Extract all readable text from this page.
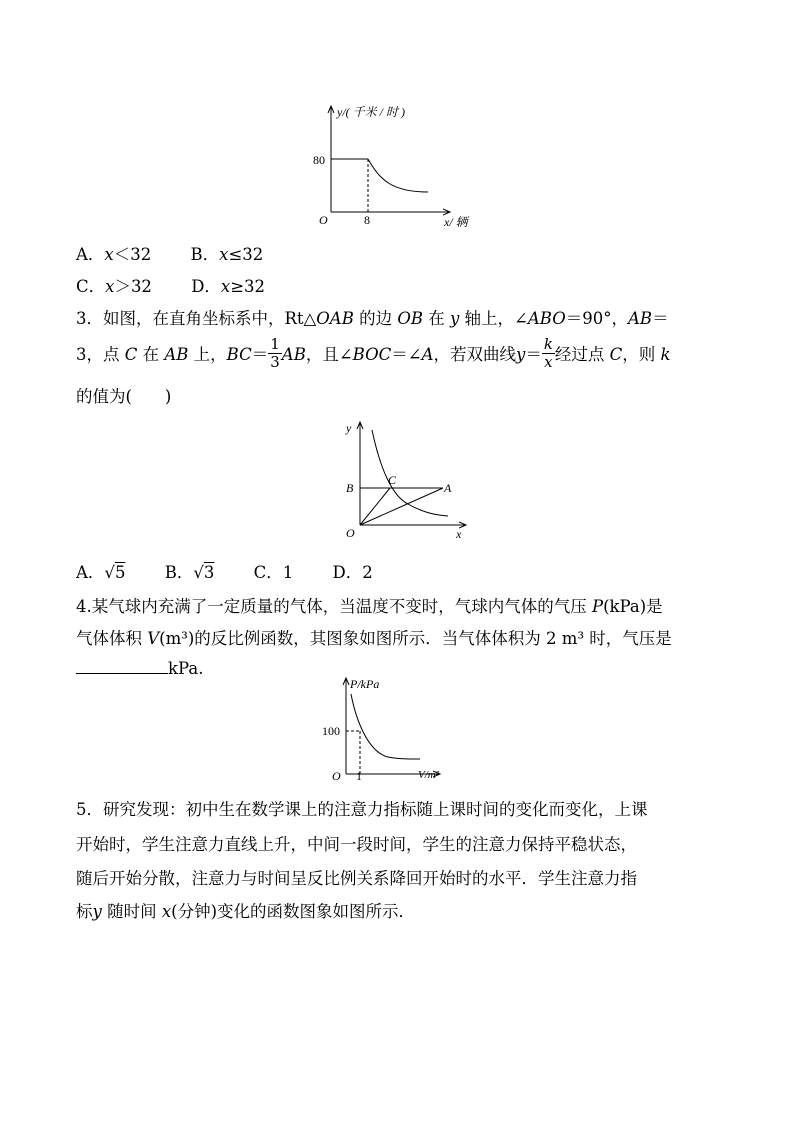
y/( 千米 / 时 )
x/ 辆
O
80
8
A．x＜32 B．x≤32
C．x＞32 D．x≥32
3．如图，在直角坐标系中，Rt△OAB 的边 OB 在 y 轴上，∠ABO＝90°，AB＝
3，点 C 在 AB 上，$BC= \frac{1}{3}$ AB，且∠BOC＝∠A，若双曲线$y= \frac{k}{x}$ 经过点 C，则 k
的值为(　　)
y
x
O
B
C
A
A．√5 B．√3 C．1 D．2
4.某气球内充满了一定质量的气体，当温度不变时，气球内气体的气压 P(kPa)是
气体体积 V(m³)的反比例函数，其图象如图所示．当气体体积为 2 m³ 时，气压是
kPa.
P/kPa
V/m³
O
100
1
5．研究发现：初中生在数学课上的注意力指标随上课时间的变化而变化，上课
开始时，学生注意力直线上升，中间一段时间，学生的注意力保持平稳状态，
随后开始分散，注意力与时间呈反比例关系降回开始时的水平．学生注意力指
标y 随时间 x(分钟)变化的函数图象如图所示．
